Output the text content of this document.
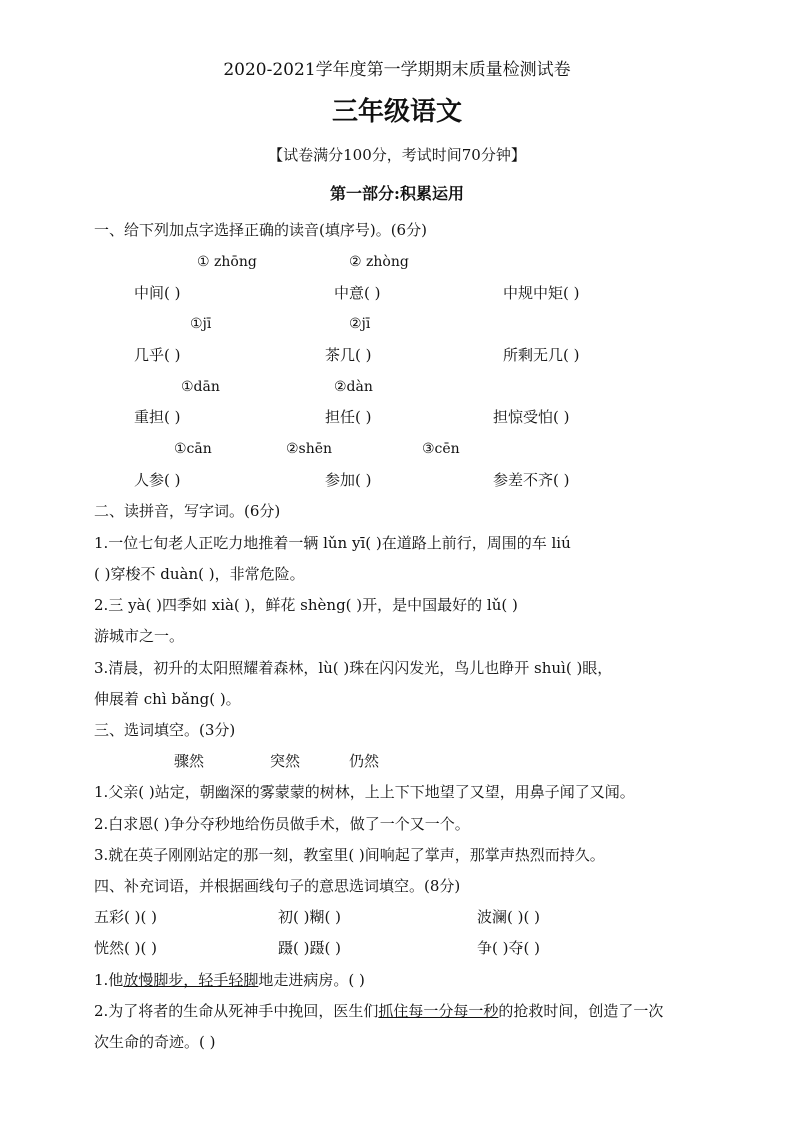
2020-2021学年度第一学期期末质量检测试卷
三年级语文
【试卷满分100分，考试时间70分钟】
第一部分:积累运用
一、给下列加点字选择正确的读音(填序号)。(6分)
① zhōng	② zhòng
中间( )	中意( )	中规中矩( )
①jī	②jī
几乎( )	茶几( )	所剩无几( )
①dān	②dàn
重担( )	担任( )	担惊受怕( )
①cān	②shēn	③cēn
人参( )	参加( )	参差不齐( )
二、读拼音，写字词。(6分)
1.一位七旬老人正吃力地推着一辆 lǔn yī( )在道路上前行，周围的车 liú
( )穿梭不 duàn( )，非常危险。
2.三 yà( )四季如 xià( )，鲜花 shèng( )开，是中国最好的 lǔ( )
游城市之一。
3.清晨，初升的太阳照耀着森林，lù( )珠在闪闪发光，鸟儿也睁开 shuì( )眼，
伸展着 chì bǎng( )。
三、选词填空。(3分)
骤然	突然	仍然
1.父亲( )站定，朝幽深的雾蒙蒙的树林，上上下下地望了又望，用鼻子闻了又闻。
2.白求恩( )争分夺秒地给伤员做手术，做了一个又一个。
3.就在英子刚刚站定的那一刻，教室里( )间响起了掌声，那掌声热烈而持久。
四、补充词语，并根据画线句子的意思选词填空。(8分)
五彩( )( )	初( )糊( )	波澜( )( )
恍然( )( )	蹑( )蹑( )	争( )夺( )
1.他放慢脚步，轻手轻脚地走进病房。( )
2.为了将者的生命从死神手中挽回，医生们抓住每一分每一秒的抢救时间，创造了一次
次生命的奇迹。( )
